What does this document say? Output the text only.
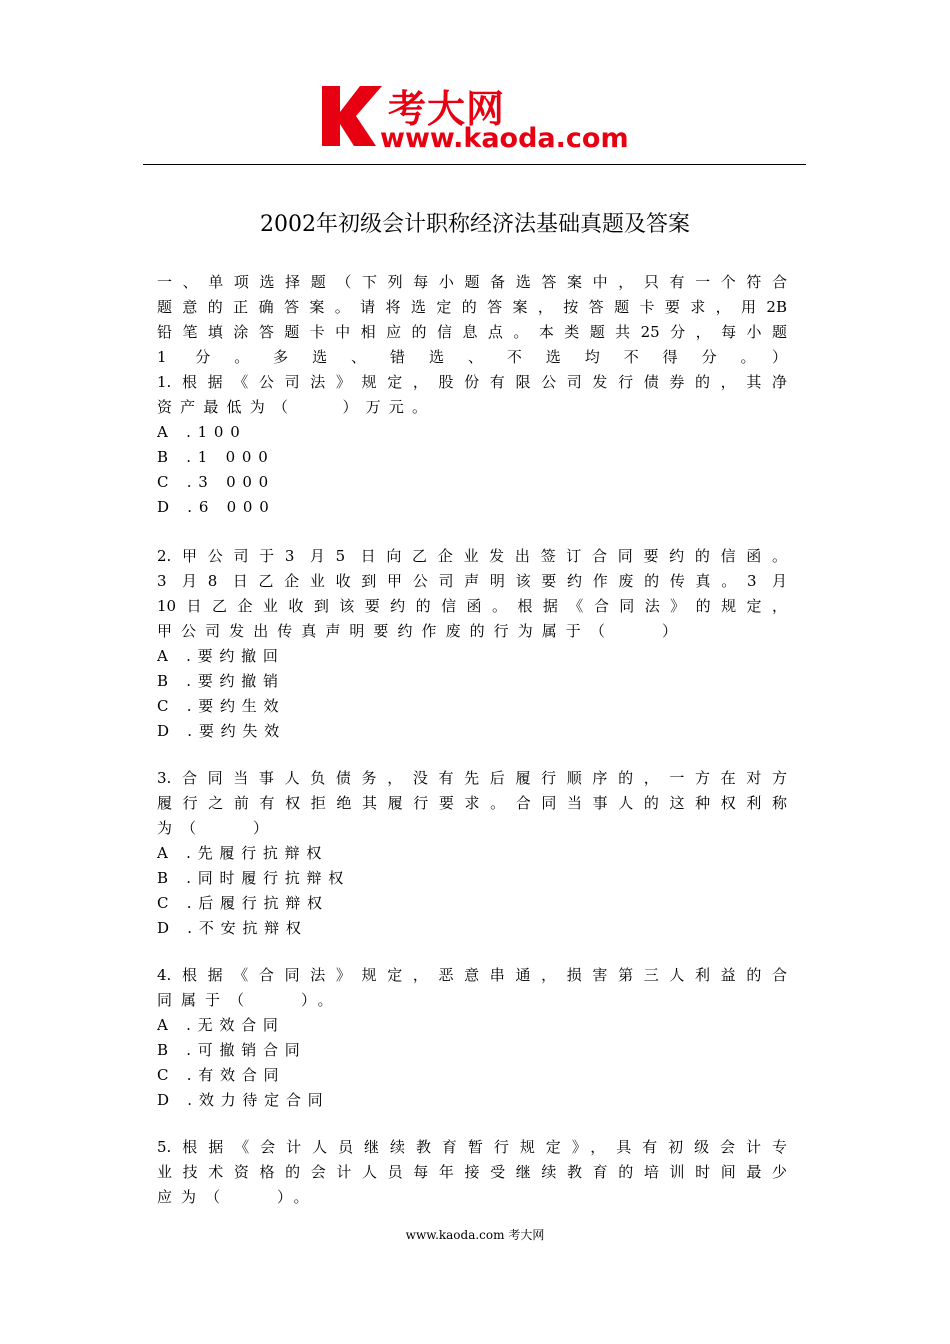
考大网
www.kaoda.com
2002年初级会计职称经济法基础真题及答案
一、单项选择题（下列每小题备选答案中，只有一个符合
题意的正确答案。请将选定的答案，按答题卡要求，用2B
铅笔填涂答题卡中相应的信息点。本类题共25分，每小题
1 分。多选、错选、不选均不得分。）
1.根据《公司法》规定，股份有限公司发行债券的，其净
资产最低为（　　）万元。
A .100
B .1 000
C .3 000
D .6 000
2.甲公司于3 月5 日向乙企业发出签订合同要约的信函。
3 月8 日乙企业收到甲公司声明该要约作废的传真。3 月
10日乙企业收到该要约的信函。根据《合同法》的规定，
甲公司发出传真声明要约作废的行为属于（　　）
A .要约撤回
B .要约撤销
C .要约生效
D .要约失效
3.合同当事人负债务，没有先后履行顺序的，一方在对方
履行之前有权拒绝其履行要求。合同当事人的这种权利称
为（　　）
A .先履行抗辩权
B .同时履行抗辩权
C .后履行抗辩权
D .不安抗辩权
4.根据《合同法》规定，恶意串通，损害第三人利益的合
同属于（　　）。
A .无效合同
B .可撤销合同
C .有效合同
D .效力待定合同
5.根据《会计人员继续教育暂行规定》，具有初级会计专
业技术资格的会计人员每年接受继续教育的培训时间最少
应为（　　）。
www.kaoda.com 考大网
